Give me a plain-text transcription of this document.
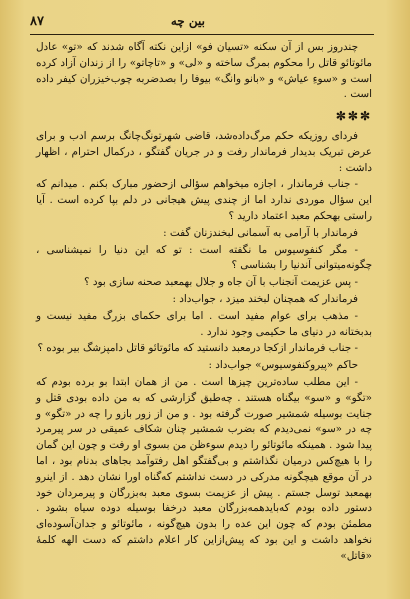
بین چه
۸۷

چندروز بس از آن سکنه «تسیان فو» ازاین نکته آگاه شدند که «تو» عادل مائوتائو قاتل را محکوم بمرگ ساخته و «لی» و «تاچاتو» را از زندان آزاد کرده است و «سوءِ عیاش» و «بانو وانگ» بیوفا را بصدضربه چوب‌خیزران کیفر داده است .

✼✼✼

فردای روزیکه حکم مرگ‌داده‌شد، قاضی شهرتونگ‌چانگ برسم ادب و برای عرض تبریک بدیدار فرماندار رفت و در جریان گفتگو ، درکمال احترام ، اظهار داشت :

- جناب فرماندار ، اجازه میخواهم سؤالی ازحضور مبارک بکنم . میدانم که این سؤال موردی ندارد اما از چندی پیش هیجانی در دلم بپا کرده است . آیا راستی بهحکم معبد اعتماد دارید ؟

فرماندار با آرامی به آسمانی لبخندزنان گفت :

- مگر کنفوسیوس ما نگفته است : تو که این دنیا را نمیشناسی ، چگونه‌میتوانی آندنیا را بشناسی ؟

- پس عزیمت آنجناب با آن جاه و جلال بهمعبد صحنه سازی بود ؟

فرماندار که همچنان لبخند میزد ، جواب‌داد :

- مذهب برای عوام مفید است . اما برای حکمای بزرگ مفید نیست و بدبختانه در دنیای ما حکیمی وجود ندارد .

- جناب فرماندار ازکجا درمعبد دانستید که مائوتائو قاتل دامپزشگ بیر بوده ؟

حاکم «پیروکنفوسیوس» جواب‌داد :

- این مطلب ساده‌ترین چیزها است . من از همان ابتدا بو برده بودم که «تگو» و «سو» بیگناه هستند . چه‌طبق گزارشی که به من داده بودی قتل و جنایت بوسیله شمشیر صورت گرفته بود . و من از زور بازو را چه در «تگو» و چه در «سو» نمی‌دیدم که بضرب شمشیر چنان شکاف عمیقی در سر پیرمرد پیدا شود . همینکه مائوتائو را دیدم سوءظن من بسوی او رفت و چون این گمان را با هیچ‌کس درمیان نگذاشتم و بی‌گفتگو اهل رفتوآمد بجاهای بدنام بود ، اما در آن موقع هیچگونه مدرکی در دست نداشتم که‌گناه اورا نشان دهد . از اینرو بهمعبد توسل جستم . پیش از عزیمت بسوی معبد به‌بزرگان و پیرمردان خود دستور داده بودم که‌بایدهمه‌بزرگان معبد درخفا بوسیله دوده سیاه بشود . مطمئن بودم که چون این عده را بدون هیچ‌گونه ، مائوتائو و جدان‌آسوده‌ای نخواهد داشت و این بود که پیش‌ازاین کار اعلام داشتم که دست الهه کلمهٔ «قاتل»
